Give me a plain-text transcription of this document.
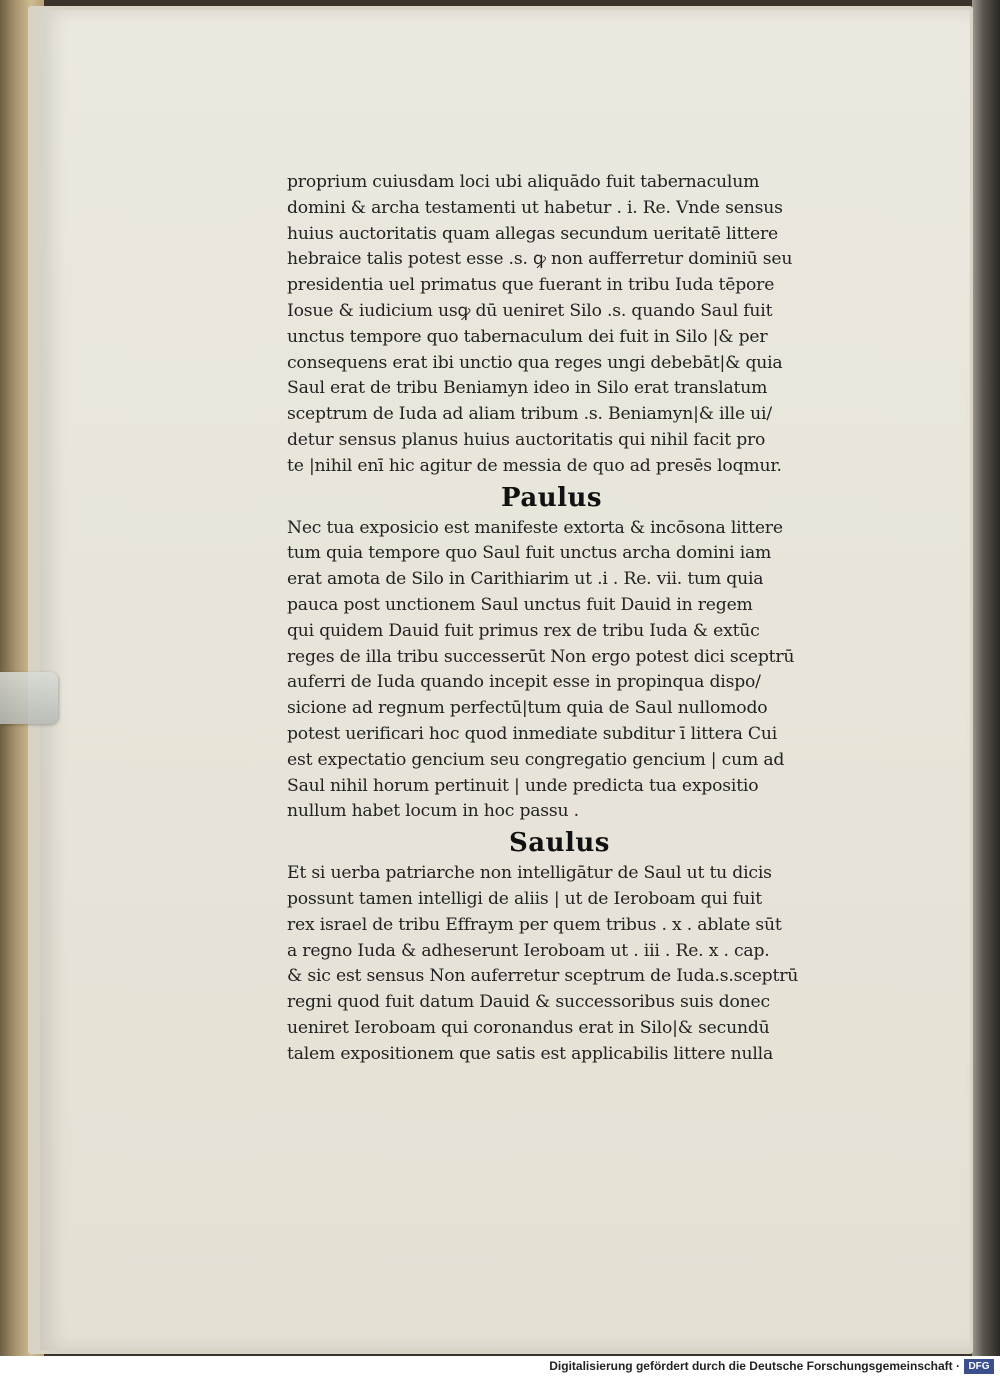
proprium cuiusdam loci ubi aliquādo fuit tabernaculum
domini & archa testamenti ut habetur . i. Re. Vnde sensus
huius auctoritatis quam allegas secundum ueritatē littere
hebraice talis potest esse .s. ꝙ non aufferretur dominiū seu
presidentia uel primatus que fuerant in tribu Iuda tēpore
Iosue & iudicium usꝙ dū ueniret Silo .s. quando Saul fuit
unctus tempore quo tabernaculum dei fuit in Silo |& per
consequens erat ibi unctio qua reges ungi debebāt|& quia
Saul erat de tribu Beniamyn ideo in Silo erat translatum
sceptrum de Iuda ad aliam tribum .s. Beniamyn|& ille ui/
detur sensus planus huius auctoritatis qui nihil facit pro
te |nihil enī hic agitur de messia de quo ad presēs loqmur.
Paulus
Nec tua exposicio est manifeste extorta & incōsona littere
tum quia tempore quo Saul fuit unctus archa domini iam
erat amota de Silo in Carithiarim ut .i . Re. vii. tum quia
pauca post unctionem Saul unctus fuit Dauid in regem
qui quidem Dauid fuit primus rex de tribu Iuda & extūc
reges de illa tribu successerūt Non ergo potest dici sceptrū
auferri de Iuda quando incepit esse in propinqua dispo/
sicione ad regnum perfectū|tum quia de Saul nullomodo
potest uerificari hoc quod inmediate subditur ī littera Cui
est expectatio gencium seu congregatio gencium | cum ad
Saul nihil horum pertinuit | unde predicta tua expositio
nullum habet locum in hoc passu .
Saulus
Et si uerba patriarche non intelligātur de Saul ut tu dicis
possunt tamen intelligi de aliis | ut de Ieroboam qui fuit
rex israel de tribu Effraym per quem tribus . x . ablate sūt
a regno Iuda & adheserunt Ieroboam ut . iii . Re. x . cap.
& sic est sensus Non auferretur sceptrum de Iuda.s.sceptrū
regni quod fuit datum Dauid & successoribus suis donec
ueniret Ieroboam qui coronandus erat in Silo|& secundū
talem expositionem que satis est applicabilis littere nulla
Digitalisierung gefördert durch die Deutsche Forschungsgemeinschaft · DFG
